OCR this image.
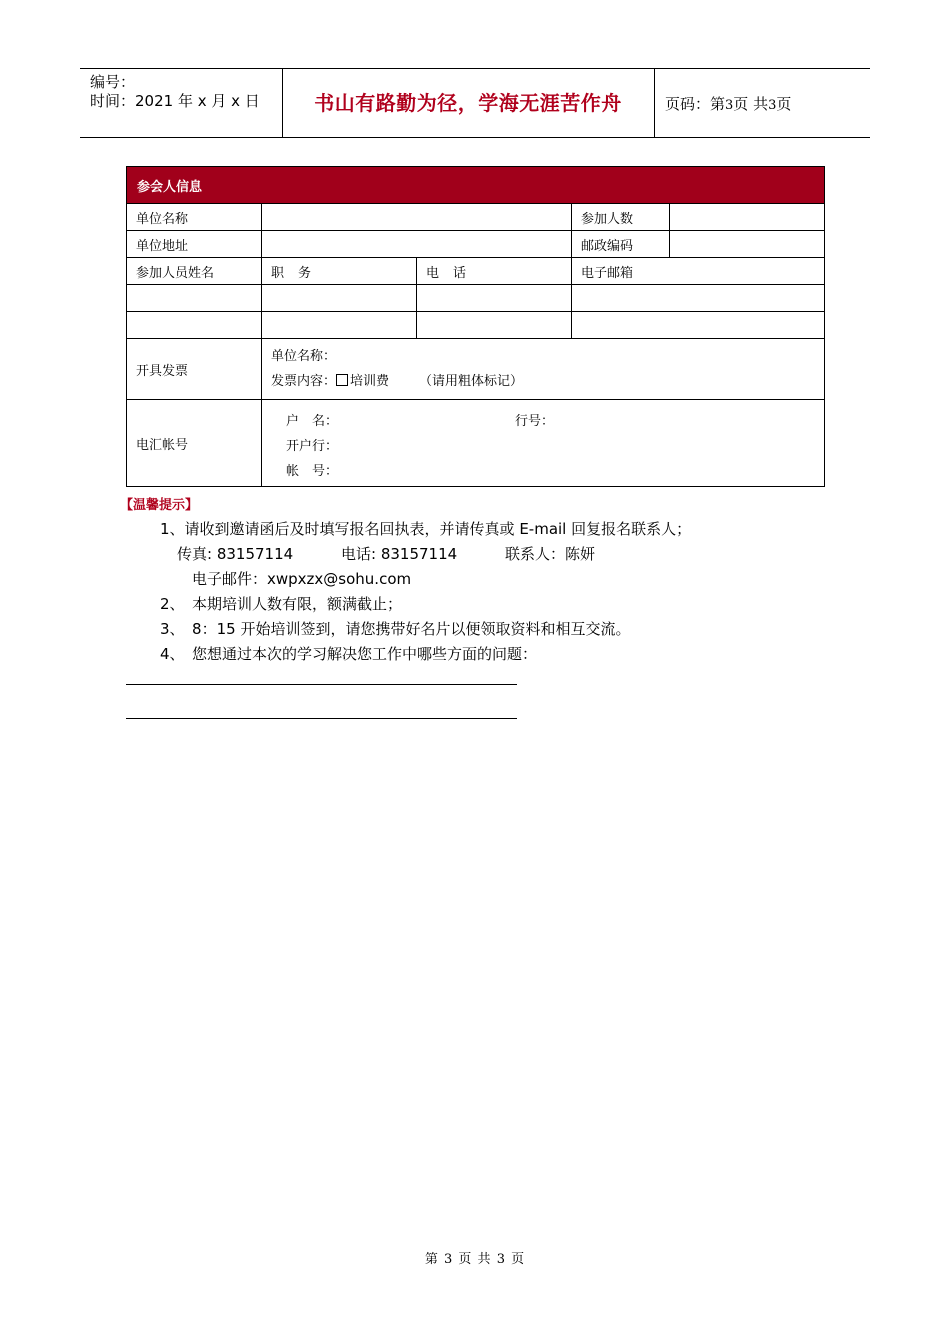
编号：
时间：2021 年 x 月 x 日	书山有路勤为径，学海无涯苦作舟	页码：第3页 共3页
参会人信息				
单位名称			参加人数	
单位地址			邮政编码	
参加人员姓名	职务	电话	电子邮箱	

开具发票	单位名称：
发票内容： 培训费 （请用粗体标记）			

电汇帐号	户　名： 行号：
开户行：
帐　号：			
【温馨提示】
1、请收到邀请函后及时填写报名回执表，并请传真或 E-mail 回复报名联系人；
传真: 83157114	电话: 83157114	联系人：陈妍
电子邮件：xwpxzx@sohu.com
2、　本期培训人数有限，额满截止；
3、　8：15 开始培训签到，请您携带好名片以便领取资料和相互交流。
4、　您想通过本次的学习解决您工作中哪些方面的问题：
第 3 页 共 3 页
